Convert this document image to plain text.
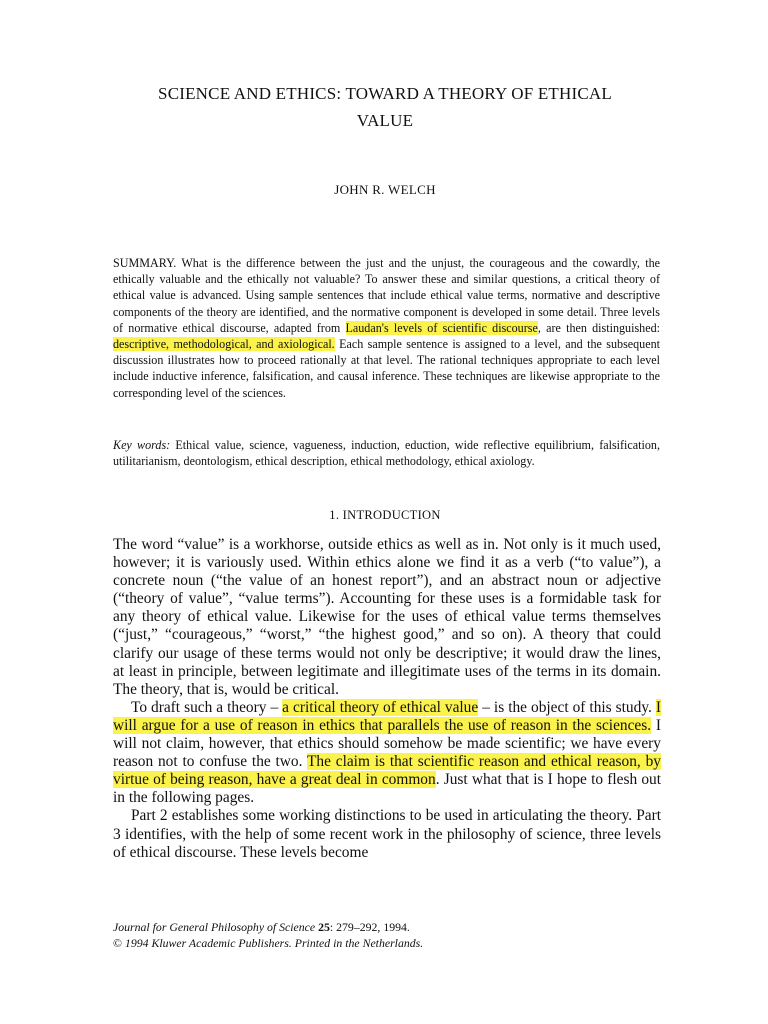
SCIENCE AND ETHICS: TOWARD A THEORY OF ETHICAL
VALUE
JOHN R. WELCH
SUMMARY. What is the difference between the just and the unjust, the courageous and the cowardly, the ethically valuable and the ethically not valuable? To answer these and similar questions, a critical theory of ethical value is advanced. Using sample sentences that include ethical value terms, normative and descriptive components of the theory are identified, and the normative component is developed in some detail. Three levels of normative ethical discourse, adapted from Laudan's levels of scientific discourse, are then distinguished: descriptive, methodological, and axiological. Each sample sentence is assigned to a level, and the subsequent discussion illustrates how to proceed rationally at that level. The rational techniques appropriate to each level include inductive inference, falsification, and causal inference. These techniques are likewise appropriate to the corresponding level of the sciences.
Key words: Ethical value, science, vagueness, induction, eduction, wide reflective equilibrium, falsification, utilitarianism, deontologism, ethical description, ethical methodology, ethical axiology.
1. INTRODUCTION

The word “value” is a workhorse, outside ethics as well as in. Not only is it much used, however; it is variously used. Within ethics alone we find it as a verb (“to value”), a concrete noun (“the value of an honest report”), and an abstract noun or adjective (“theory of value”, “value terms”). Accounting for these uses is a formidable task for any theory of ethical value. Likewise for the uses of ethical value terms themselves (“just,” “courageous,” “worst,” “the highest good,” and so on). A theory that could clarify our usage of these terms would not only be descriptive; it would draw the lines, at least in principle, between legitimate and illegitimate uses of the terms in its domain. The theory, that is, would be critical.

To draft such a theory – a critical theory of ethical value – is the object of this study. I will argue for a use of reason in ethics that parallels the use of reason in the sciences. I will not claim, however, that ethics should somehow be made scientific; we have every reason not to confuse the two. The claim is that scientific reason and ethical reason, by virtue of being reason, have a great deal in common. Just what that is I hope to flesh out in the following pages.

Part 2 establishes some working distinctions to be used in articulating the theory. Part 3 identifies, with the help of some recent work in the philosophy of science, three levels of ethical discourse. These levels become

Journal for General Philosophy of Science 25: 279–292, 1994.
© 1994 Kluwer Academic Publishers. Printed in the Netherlands.
